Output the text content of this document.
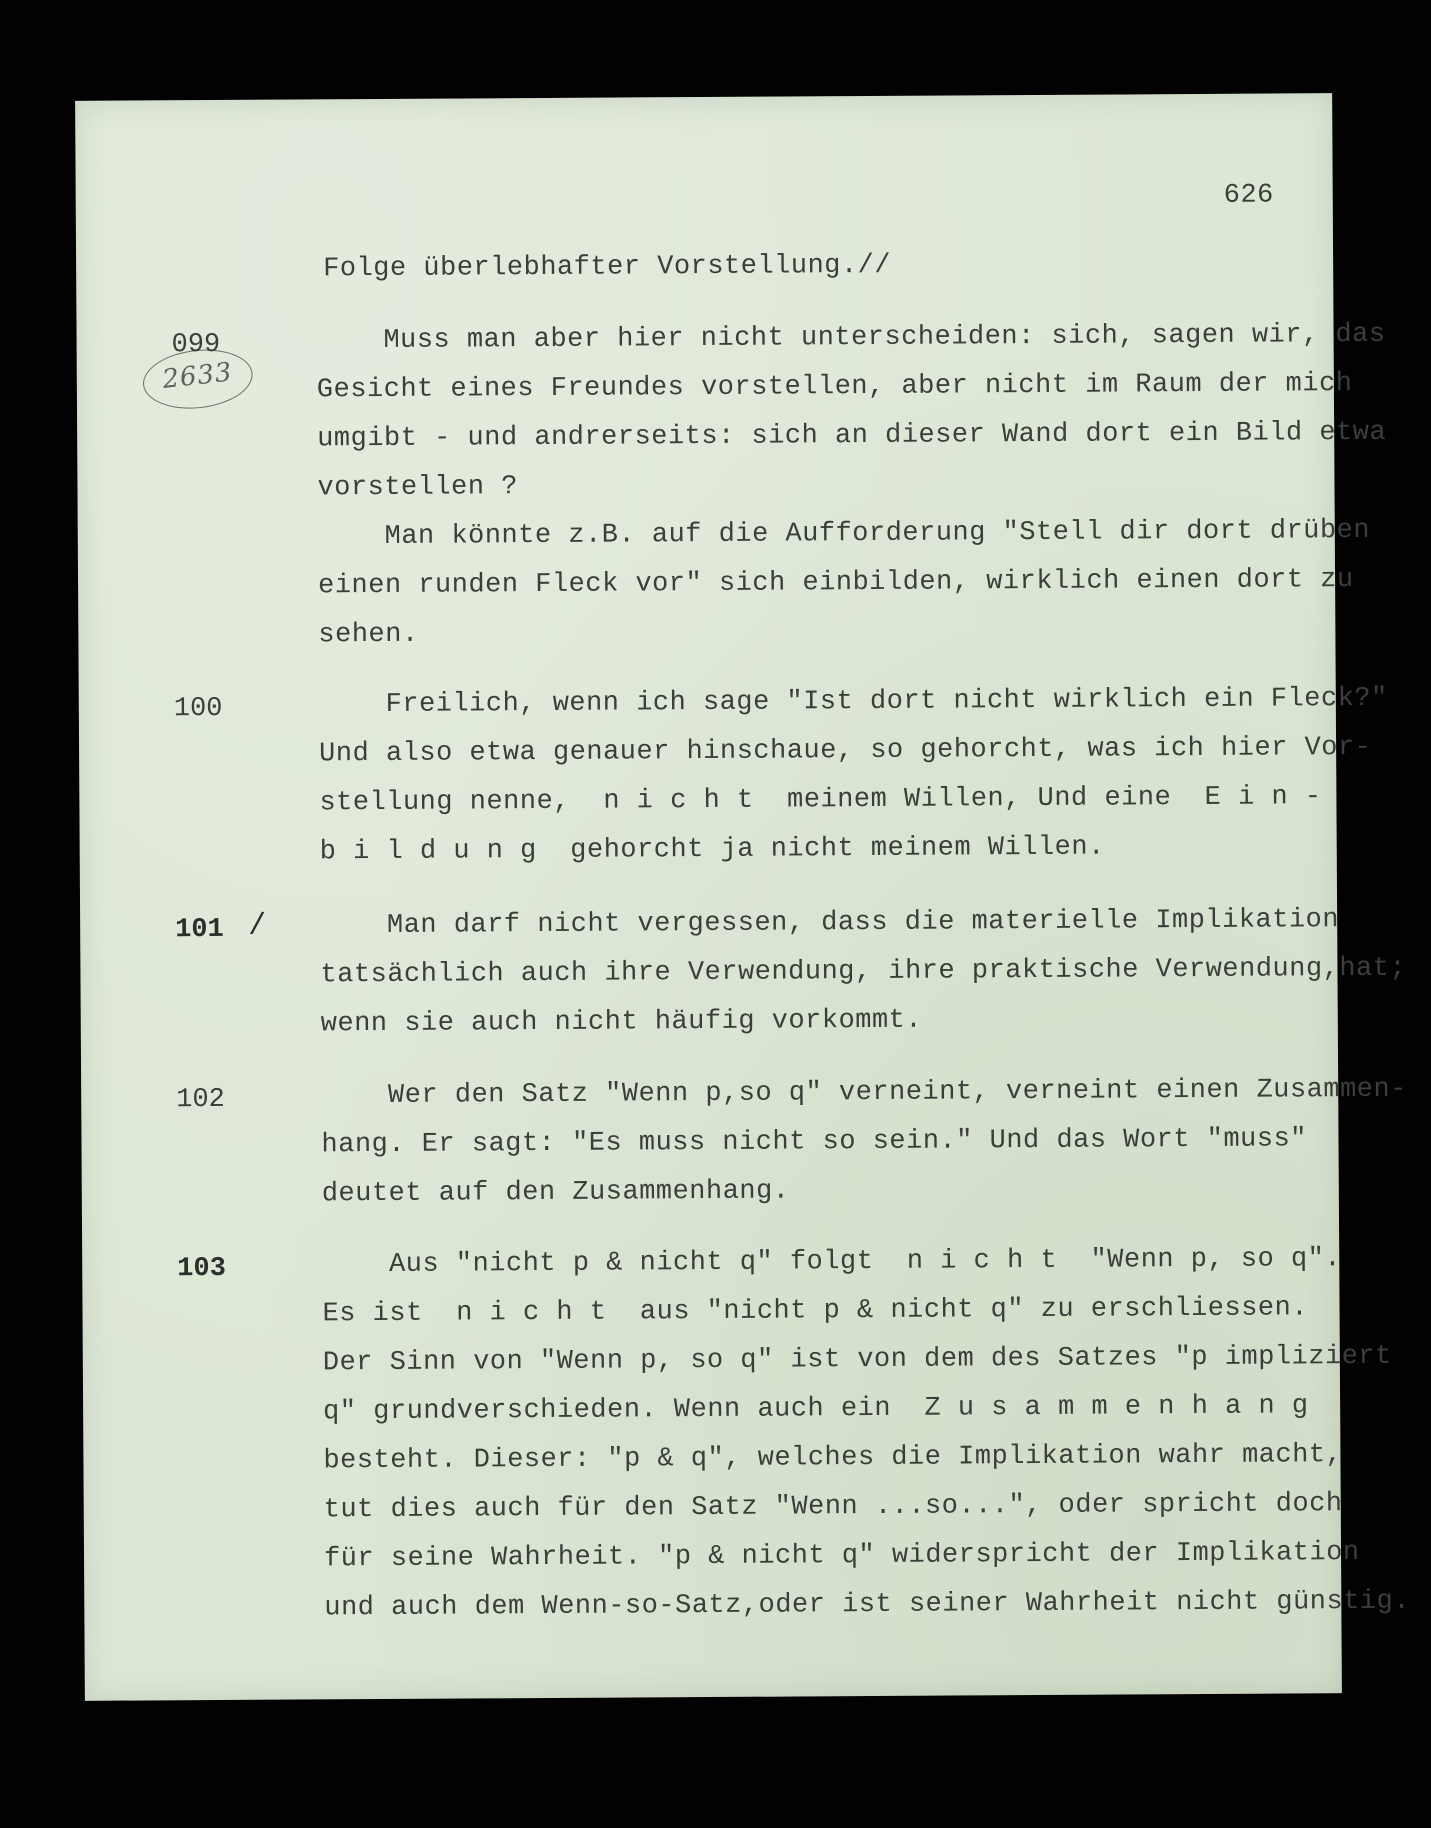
626
Folge überlebhafter Vorstellung.//
2633
099	Muss man aber hier nicht unterscheiden: sich, sagen wir, das
Gesicht eines Freundes vorstellen, aber nicht im Raum der mich
umgibt - und andrerseits: sich an dieser Wand dort ein Bild etwa
vorstellen ?
Man könnte z.B. auf die Aufforderung "Stell dir dort drüben
einen runden Fleck vor" sich einbilden, wirklich einen dort zu
sehen.
100	Freilich, wenn ich sage "Ist dort nicht wirklich ein Fleck?"
Und also etwa genauer hinschaue, so gehorcht, was ich hier Vor-
stellung nenne,  n i c h t  meinem Willen, Und eine  E i n -
b i l d u n g  gehorcht ja nicht meinem Willen.
101 / Man darf nicht vergessen, dass die materielle Implikation
tatsächlich auch ihre Verwendung, ihre praktische Verwendung,hat;
wenn sie auch nicht häufig vorkommt.
102	Wer den Satz "Wenn p,so q" verneint, verneint einen Zusammen-
hang. Er sagt: "Es muss nicht so sein." Und das Wort "muss"
deutet auf den Zusammenhang.
103	Aus "nicht p & nicht q" folgt  n i c h t  "Wenn p, so q".
Es ist  n i c h t  aus "nicht p & nicht q" zu erschliessen.
Der Sinn von "Wenn p, so q" ist von dem des Satzes "p impliziert
q" grundverschieden. Wenn auch ein  Z u s a m m e n h a n g
besteht. Dieser: "p & q", welches die Implikation wahr macht,
tut dies auch für den Satz "Wenn ...so...", oder spricht doch
für seine Wahrheit. "p & nicht q" widerspricht der Implikation
und auch dem Wenn-so-Satz,oder ist seiner Wahrheit nicht günstig.
